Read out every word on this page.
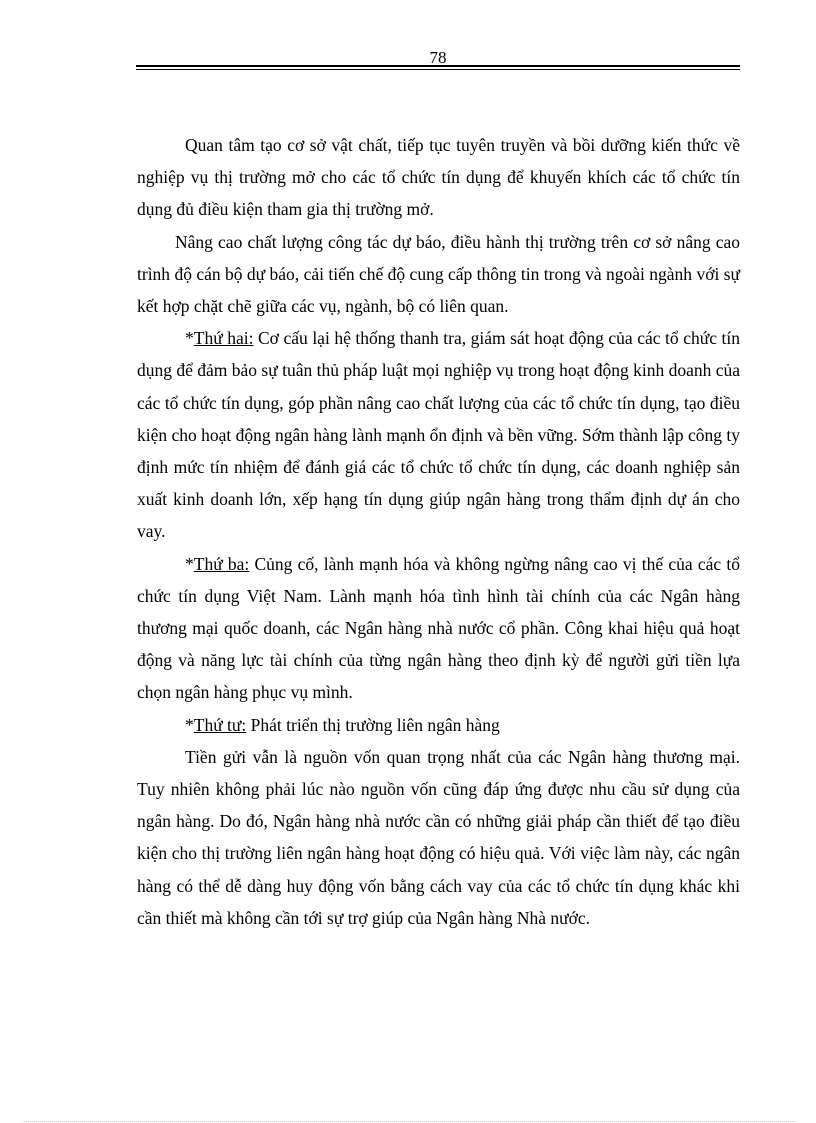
78

Quan tâm tạo cơ sở vật chất, tiếp tục tuyên truyền và bồi dưỡng kiến thức về nghiệp vụ thị trường mở cho các tổ chức tín dụng để khuyến khích các tổ chức tín dụng đủ điều kiện tham gia thị trường mở.

Nâng cao chất lượng công tác dự báo, điều hành thị trường trên cơ sở nâng cao trình độ cán bộ dự báo, cải tiến chế độ cung cấp thông tin trong và ngoài ngành với sự kết hợp chặt chẽ giữa các vụ, ngành, bộ có liên quan.

*Thứ hai: Cơ cấu lại hệ thống thanh tra, giám sát hoạt động của các tổ chức tín dụng để đảm bảo sự tuân thủ pháp luật mọi nghiệp vụ trong hoạt động kinh doanh của các tổ chức tín dụng, góp phần nâng cao chất lượng của các tổ chức tín dụng, tạo điều kiện cho hoạt động ngân hàng lành mạnh ổn định và bền vững. Sớm thành lập công ty định mức tín nhiệm để đánh giá các tổ chức tổ chức tín dụng, các doanh nghiệp sản xuất kinh doanh lớn, xếp hạng tín dụng giúp ngân hàng trong thẩm định dự án cho vay.

*Thứ ba: Củng cố, lành mạnh hóa và không ngừng nâng cao vị thế của các tổ chức tín dụng Việt Nam. Lành mạnh hóa tình hình tài chính của các Ngân hàng thương mại quốc doanh, các Ngân hàng nhà nước cổ phần. Công khai hiệu quả hoạt động và năng lực tài chính của từng ngân hàng theo định kỳ để người gửi tiền lựa chọn ngân hàng phục vụ mình.

*Thứ tư: Phát triển thị trường liên ngân hàng

Tiền gửi vẫn là nguồn vốn quan trọng nhất của các Ngân hàng thương mại. Tuy nhiên không phải lúc nào nguồn vốn cũng đáp ứng được nhu cầu sử dụng của ngân hàng. Do đó, Ngân hàng nhà nước cần có những giải pháp cần thiết để tạo điều kiện cho thị trường liên ngân hàng hoạt động có hiệu quả. Với việc làm này, các ngân hàng có thể dễ dàng huy động vốn bằng cách vay của các tổ chức tín dụng khác khi cần thiết mà không cần tới sự trợ giúp của Ngân hàng Nhà nước.
